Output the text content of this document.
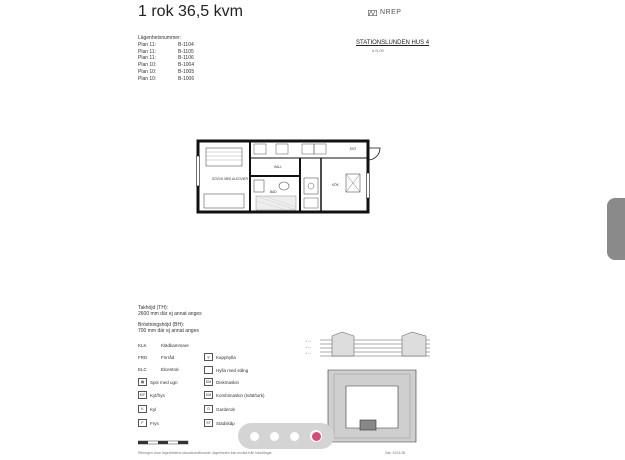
1 rok 36,5 kvm	NREP
STATIONSLUNDEN HUS 4
6.N.09
Lägenhetsnummer:
Plan 11:	B-1104
Plan 11:	B-1105
Plan 11:	B-1106
Plan 10:	B-1004
Plan 10:	B-1005
Plan 10:	B-1006
SOVCH MED ALKOVIER
BAD
HALL
KÖK
ENT
Takhöjd (TH):
2600 mm där ej annat anges
Bröstningshöjd (BH):
700 mm där ej annat anges
KLK	Klädkammare
FRD	Förråd
ELC	Elcentral
▦	Spis med ugn
K/F	Kyl/frys
K	Kyl
F	Frys
╤	Kapphylla
Hylla med stång
DM	Diskmaskin
KM	Kombimaskin (tvätt/tork)
G	Garderob
ST	Städskåp
▪ —
▪ —
▪ —
Ritningen visar lägenhetens standardutförande, lägenheten kan avvika från handlingar	Dat: 2024-08
